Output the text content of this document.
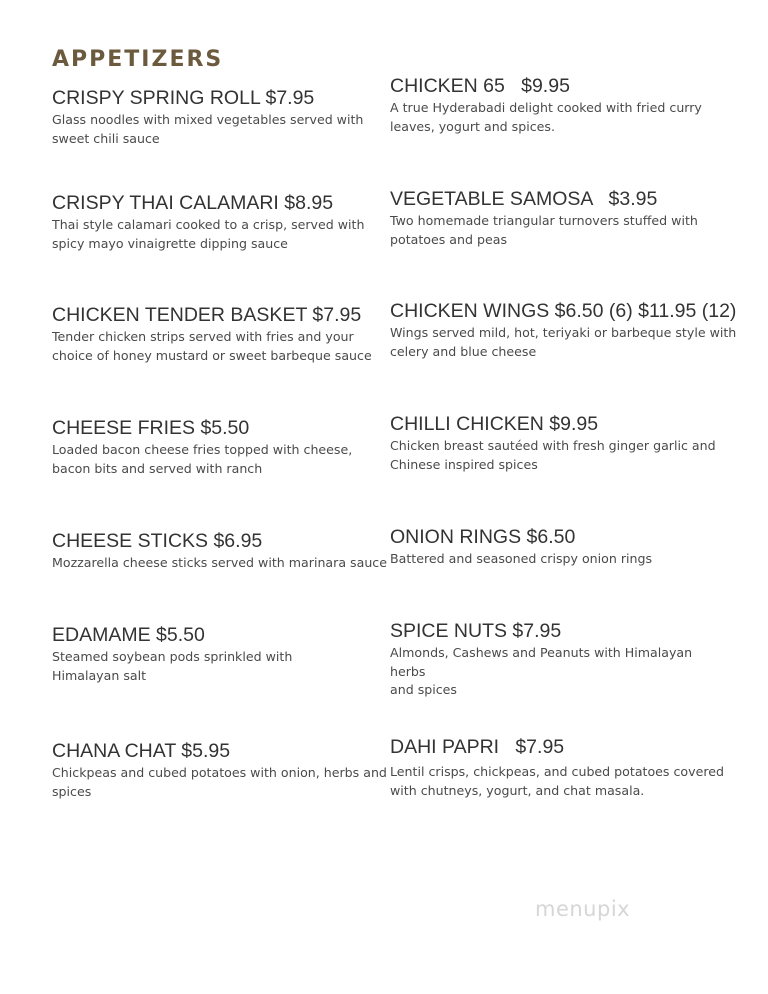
APPETIZERS
CRISPY SPRING ROLL $7.95
Glass noodles with mixed vegetables served with
sweet chili sauce
CRISPY THAI CALAMARI $8.95
Thai style calamari cooked to a crisp, served with
spicy mayo vinaigrette dipping sauce
CHICKEN TENDER BASKET $7.95
Tender chicken strips served with fries and your
choice of honey mustard or sweet barbeque sauce
CHEESE FRIES $5.50
Loaded bacon cheese fries topped with cheese,
bacon bits and served with ranch
CHEESE STICKS $6.95
Mozzarella cheese sticks served with marinara sauce
EDAMAME $5.50
Steamed soybean pods sprinkled with
Himalayan salt
CHANA CHAT $5.95
Chickpeas and cubed potatoes with onion, herbs and
spices
CHICKEN 65   $9.95
A true Hyderabadi delight cooked with fried curry
leaves, yogurt and spices.
VEGETABLE SAMOSA   $3.95
Two homemade triangular turnovers stuffed with
potatoes and peas
CHICKEN WINGS $6.50 (6) $11.95 (12)
Wings served mild, hot, teriyaki or barbeque style with
celery and blue cheese
CHILLI CHICKEN $9.95
Chicken breast sautéed with fresh ginger garlic and
Chinese inspired spices
ONION RINGS $6.50
Battered and seasoned crispy onion rings
SPICE NUTS $7.95
Almonds, Cashews and Peanuts with Himalayan herbs
and spices
DAHI PAPRI   $7.95
Lentil crisps, chickpeas, and cubed potatoes covered
with chutneys, yogurt, and chat masala.
menupix
